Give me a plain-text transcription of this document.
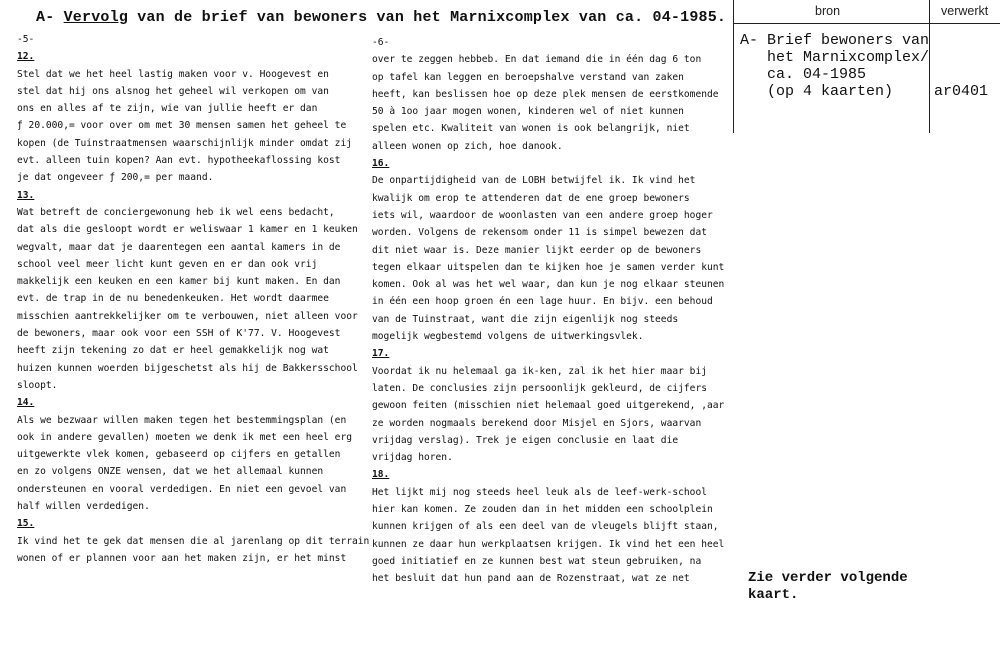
A- Vervolg van de brief van bewoners van het Marnixcomplex van ca. 04-1985.
-5-
12.
Stel dat we het heel lastig maken voor v. Hoogevest en
stel dat hij ons alsnog het geheel wil verkopen om van
ons en alles af te zijn, wie van jullie heeft er dan
ƒ 20.000,= voor over om met 30 mensen samen het geheel te
kopen (de Tuinstraatmensen waarschijnlijk minder omdat zij
evt. alleen tuin kopen? Aan evt. hypotheekaflossing kost
je dat ongeveer ƒ 200,= per maand.
13.
Wat betreft de conciergewonung heb ik wel eens bedacht,
dat als die gesloopt wordt er weliswaar 1 kamer en 1 keuken
wegvalt, maar dat je daarentegen een aantal kamers in de
school veel meer licht kunt geven en er dan ook vrij
makkelijk een keuken en een kamer bij kunt maken. En dan
evt. de trap in de nu benedenkeuken. Het wordt daarmee
misschien aantrekkelijker om te verbouwen, niet alleen voor
de bewoners, maar ook voor een SSH of K'77. V. Hoogevest
heeft zijn tekening zo dat er heel gemakkelijk nog wat
huizen kunnen woerden bijgeschetst als hij de Bakkersschool
sloopt.
14.
Als we bezwaar willen maken tegen het bestemmingsplan (en
ook in andere gevallen) moeten we denk ik met een heel erg
uitgewerkte vlek komen, gebaseerd op cijfers en getallen
en zo volgens ONZE wensen, dat we het allemaal kunnen
ondersteunen en vooral verdedigen. En niet een gevoel van
half willen verdedigen.
15.
Ik vind het te gek dat mensen die al jarenlang op dit terrain
wonen of er plannen voor aan het maken zijn, er het minst
-6-
over te zeggen hebbeb. En dat iemand die in één dag 6 ton
op tafel kan leggen en beroepshalve verstand van zaken
heeft, kan beslissen hoe op deze plek mensen de eerstkomende
50 à 1oo jaar mogen wonen, kinderen wel of niet kunnen
spelen etc. Kwaliteit van wonen is ook belangrijk, niet
alleen wonen op zich, hoe danook.
16.
De onpartijdigheid van de LOBH betwijfel ik. Ik vind het
kwalijk om erop te attenderen dat de ene groep bewoners
iets wil, waardoor de woonlasten van een andere groep hoger
worden. Volgens de rekensom onder 11 is simpel bewezen dat
dit niet waar is. Deze manier lijkt eerder op de bewoners
tegen elkaar uitspelen dan te kijken hoe je samen verder kunt
komen. Ook al was het wel waar, dan kun je nog elkaar steunen
in één een hoop groen én een lage huur. En bijv. een behoud
van de Tuinstraat, want die zijn eigenlijk nog steeds
mogelijk wegbestemd volgens de uitwerkingsvlek.
17.
Voordat ik nu helemaal ga ik-ken, zal ik het hier maar bij
laten. De conclusies zijn persoonlijk gekleurd, de cijfers
gewoon feiten (misschien niet helemaal goed uitgerekend, ,aar
ze worden nogmaals berekend door Misjel en Sjors, waarvan
vrijdag verslag). Trek je eigen conclusie en laat die
vrijdag horen.
18.
Het lijkt mij nog steeds heel leuk als de leef-werk-school
hier kan komen. Ze zouden dan in het midden een schoolplein
kunnen krijgen of als een deel van de vleugels blijft staan,
kunnen ze daar hun werkplaatsen krijgen. Ik vind het een heel
goed initiatief en ze kunnen best wat steun gebruiken, na
het besluit dat hun pand aan de Rozenstraat, wat ze net
bron	verwerkt
A- Brief bewoners van
het Marnixcomplex/
ca. 04-1985
(op 4 kaarten)	ar0401
Zie verder volgende
kaart.
